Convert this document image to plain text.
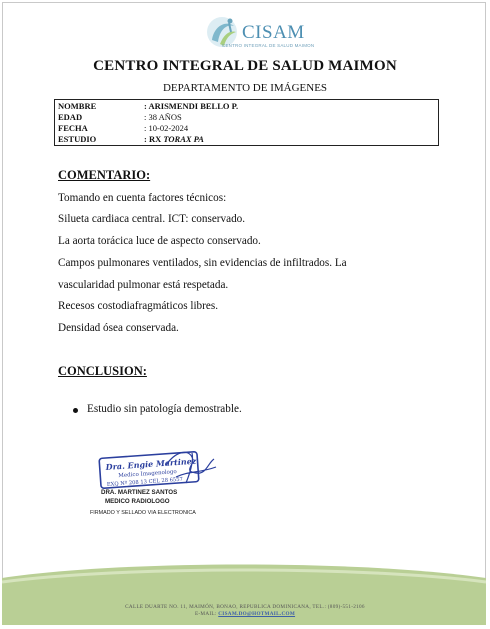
CISAM
CENTRO INTEGRAL DE SALUD MAIMON
CENTRO INTEGRAL DE SALUD MAIMON
DEPARTAMENTO DE IMÁGENES
NOMBRE	: ARISMENDI BELLO P.
EDAD	: 38 AÑOS
FECHA	: 10-02-2024
ESTUDIO	: RX TORAX PA
COMENTARIO:
Tomando en cuenta factores técnicos:
Silueta cardiaca central. ICT: conservado.
La aorta torácica luce de aspecto conservado.
Campos pulmonares ventilados, sin evidencias de infiltrados. La
vascularidad pulmonar está respetada.
Recesos costodiafragmáticos libres.
Densidad ósea conservada.
CONCLUSION:
Estudio sin patología demostrable.
Dra. Engie Martinez
Medico Imagenologo
EXQ Nº 208 13 CEL 28 6557
DRA. MARTINEZ SANTOS
MEDICO RADIOLOGO
FIRMADO Y SELLADO VIA ELECTRONICA
CALLE DUARTE NO. 11, MAIMÓN, BONAO, REPUBLICA DOMINICANA, TEL.: (809)-551-2106
E-MAIL: CISAM.DO@HOTMAIL.COM
